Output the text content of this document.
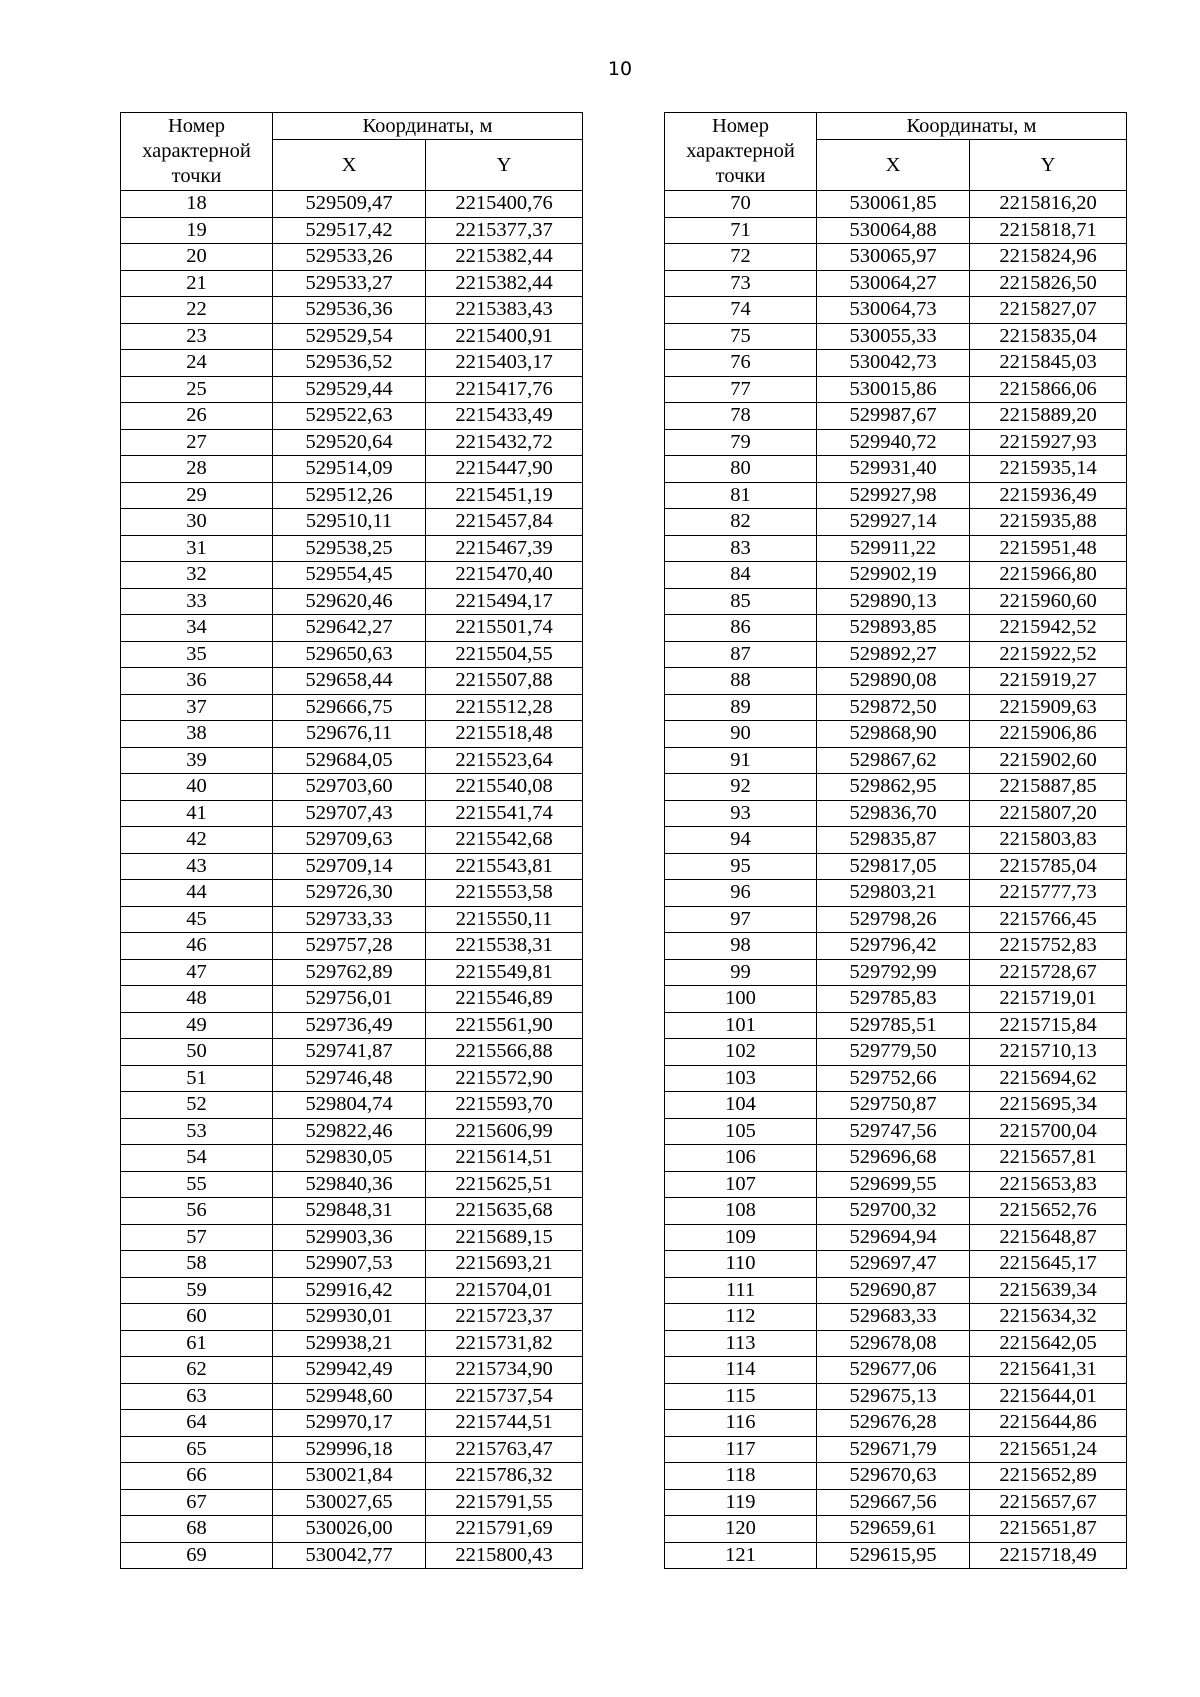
10
Номер
характерной
точки	Координаты, м	
	X	Y
18	529509,47	2215400,76
19	529517,42	2215377,37
20	529533,26	2215382,44
21	529533,27	2215382,44
22	529536,36	2215383,43
23	529529,54	2215400,91
24	529536,52	2215403,17
25	529529,44	2215417,76
26	529522,63	2215433,49
27	529520,64	2215432,72
28	529514,09	2215447,90
29	529512,26	2215451,19
30	529510,11	2215457,84
31	529538,25	2215467,39
32	529554,45	2215470,40
33	529620,46	2215494,17
34	529642,27	2215501,74
35	529650,63	2215504,55
36	529658,44	2215507,88
37	529666,75	2215512,28
38	529676,11	2215518,48
39	529684,05	2215523,64
40	529703,60	2215540,08
41	529707,43	2215541,74
42	529709,63	2215542,68
43	529709,14	2215543,81
44	529726,30	2215553,58
45	529733,33	2215550,11
46	529757,28	2215538,31
47	529762,89	2215549,81
48	529756,01	2215546,89
49	529736,49	2215561,90
50	529741,87	2215566,88
51	529746,48	2215572,90
52	529804,74	2215593,70
53	529822,46	2215606,99
54	529830,05	2215614,51
55	529840,36	2215625,51
56	529848,31	2215635,68
57	529903,36	2215689,15
58	529907,53	2215693,21
59	529916,42	2215704,01
60	529930,01	2215723,37
61	529938,21	2215731,82
62	529942,49	2215734,90
63	529948,60	2215737,54
64	529970,17	2215744,51
65	529996,18	2215763,47
66	530021,84	2215786,32
67	530027,65	2215791,55
68	530026,00	2215791,69
69	530042,77	2215800,43
Номер
характерной
точки	Координаты, м	
	X	Y
70	530061,85	2215816,20
71	530064,88	2215818,71
72	530065,97	2215824,96
73	530064,27	2215826,50
74	530064,73	2215827,07
75	530055,33	2215835,04
76	530042,73	2215845,03
77	530015,86	2215866,06
78	529987,67	2215889,20
79	529940,72	2215927,93
80	529931,40	2215935,14
81	529927,98	2215936,49
82	529927,14	2215935,88
83	529911,22	2215951,48
84	529902,19	2215966,80
85	529890,13	2215960,60
86	529893,85	2215942,52
87	529892,27	2215922,52
88	529890,08	2215919,27
89	529872,50	2215909,63
90	529868,90	2215906,86
91	529867,62	2215902,60
92	529862,95	2215887,85
93	529836,70	2215807,20
94	529835,87	2215803,83
95	529817,05	2215785,04
96	529803,21	2215777,73
97	529798,26	2215766,45
98	529796,42	2215752,83
99	529792,99	2215728,67
100	529785,83	2215719,01
101	529785,51	2215715,84
102	529779,50	2215710,13
103	529752,66	2215694,62
104	529750,87	2215695,34
105	529747,56	2215700,04
106	529696,68	2215657,81
107	529699,55	2215653,83
108	529700,32	2215652,76
109	529694,94	2215648,87
110	529697,47	2215645,17
111	529690,87	2215639,34
112	529683,33	2215634,32
113	529678,08	2215642,05
114	529677,06	2215641,31
115	529675,13	2215644,01
116	529676,28	2215644,86
117	529671,79	2215651,24
118	529670,63	2215652,89
119	529667,56	2215657,67
120	529659,61	2215651,87
121	529615,95	2215718,49
